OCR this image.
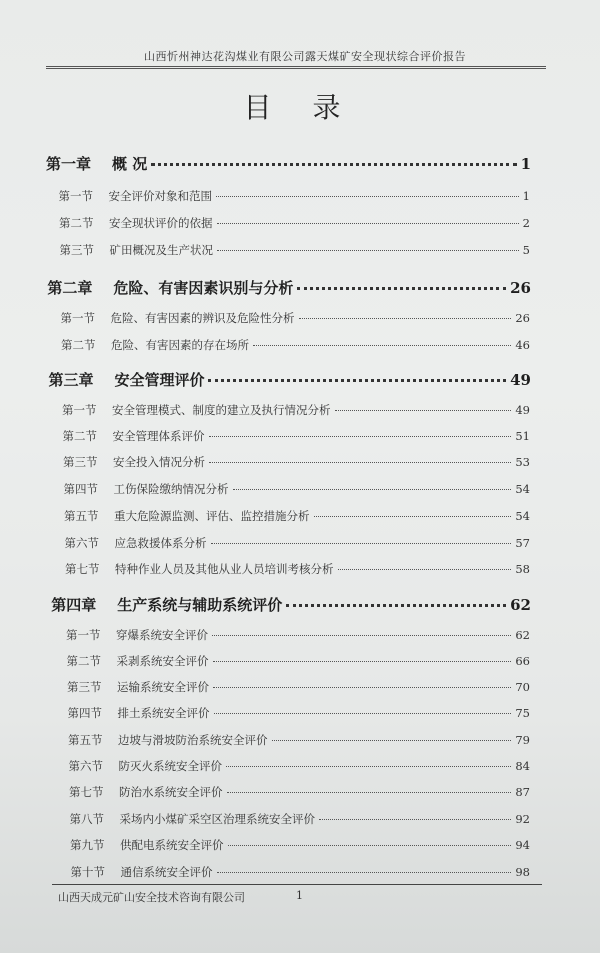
山西忻州神达花沟煤业有限公司露天煤矿安全现状综合评价报告
目 录
第一章	概 况	1
第一节	安全评价对象和范围	1
第二节	安全现状评价的依据	2
第三节	矿田概况及生产状况	5
第二章	危险、有害因素识别与分析	26
第一节	危险、有害因素的辨识及危险性分析	26
第二节	危险、有害因素的存在场所	46
第三章	安全管理评价	49
第一节	安全管理模式、制度的建立及执行情况分析	49
第二节	安全管理体系评价	51
第三节	安全投入情况分析	53
第四节	工伤保险缴纳情况分析	54
第五节	重大危险源监测、评估、监控措施分析	54
第六节	应急救援体系分析	57
第七节	特种作业人员及其他从业人员培训考核分析	58
第四章	生产系统与辅助系统评价	62
第一节	穿爆系统安全评价	62
第二节	采剥系统安全评价	66
第三节	运输系统安全评价	70
第四节	排土系统安全评价	75
第五节	边坡与滑坡防治系统安全评价	79
第六节	防灭火系统安全评价	84
第七节	防治水系统安全评价	87
第八节	采场内小煤矿采空区治理系统安全评价	92
第九节	供配电系统安全评价	94
第十节	通信系统安全评价	98
山西天成元矿山安全技术咨询有限公司	1
